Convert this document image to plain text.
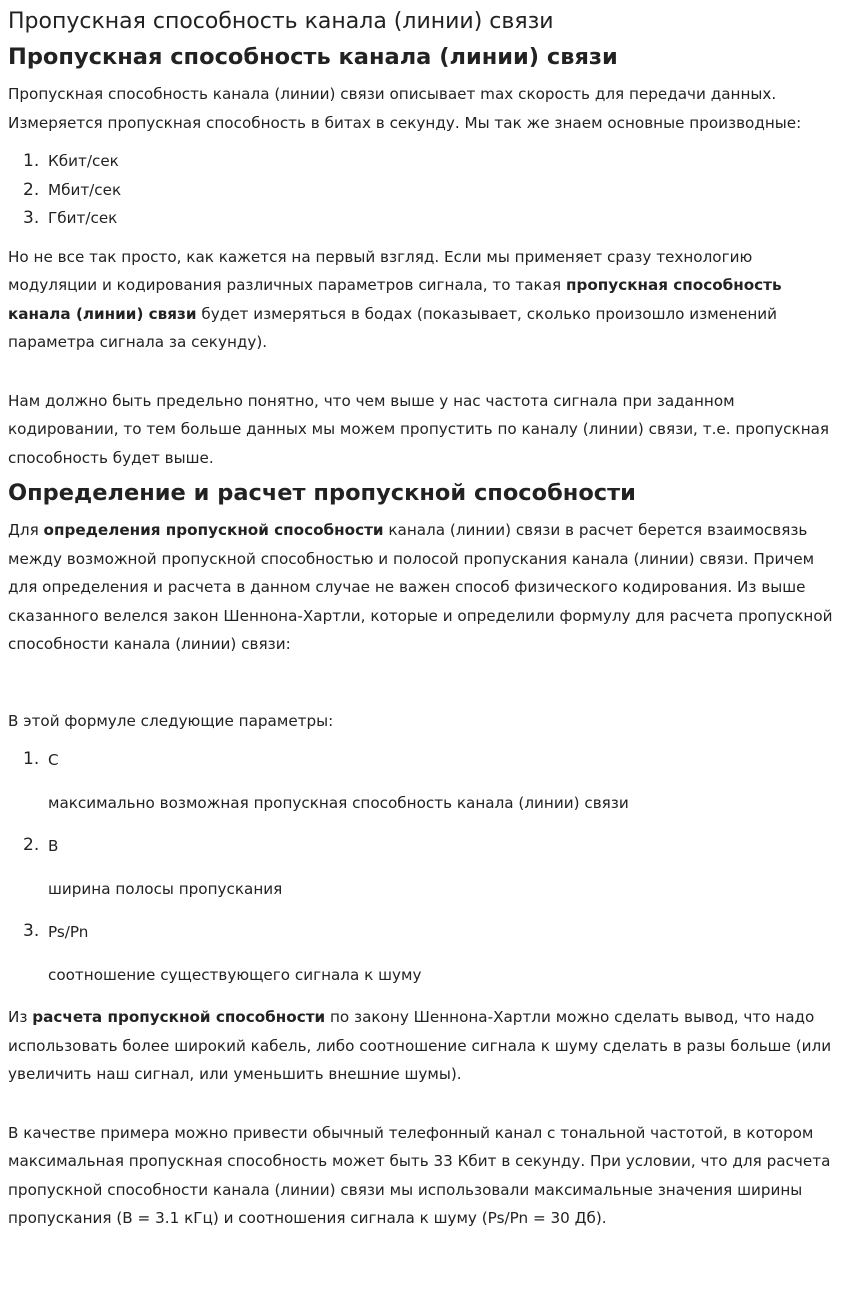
Пропускная способность канала (линии) связи
Пропускная способность канала (линии) связи

Пропускная способность канала (линии) связи описывает max скорость для передачи данных. Измеряется пропускная способность в битах в секунду. Мы так же знаем основные производные:

1. Кбит/сек
2. Мбит/сек
3. Гбит/сек

Но не все так просто, как кажется на первый взгляд. Если мы применяет сразу технологию модуляции и кодирования различных параметров сигнала, то такая пропускная способность канала (линии) связи будет измеряться в бодах (показывает, сколько произошло изменений параметра сигнала за секунду).

Нам должно быть предельно понятно, что чем выше у нас частота сигнала при заданном кодировании, то тем больше данных мы можем пропустить по каналу (линии) связи, т.е. пропускная способность будет выше.

Определение и расчет пропускной способности

Для определения пропускной способности канала (линии) связи в расчет берется взаимосвязь между возможной пропускной способностью и полосой пропускания канала (линии) связи. Причем для определения и расчета в данном случае не важен способ физического кодирования. Из выше сказанного велелся закон Шеннона-Хартли, которые и определили формулу для расчета пропускной способности канала (линии) связи:

В этой формуле следующие параметры:

1. C
максимально возможная пропускная способность канала (линии) связи
2. B
ширина полосы пропускания
3. Ps/Pn
соотношение существующего сигнала к шуму

Из расчета пропускной способности по закону Шеннона-Хартли можно сделать вывод, что надо использовать более широкий кабель, либо соотношение сигнала к шуму сделать в разы больше (или увеличить наш сигнал, или уменьшить внешние шумы).

В качестве примера можно привести обычный телефонный канал с тональной частотой, в котором максимальная пропускная способность может быть 33 Кбит в секунду. При условии, что для расчета пропускной способности канала (линии) связи мы использовали максимальные значения ширины пропускания (B = 3.1 кГц) и соотношения сигнала к шуму (Ps/Pn = 30 Дб).
